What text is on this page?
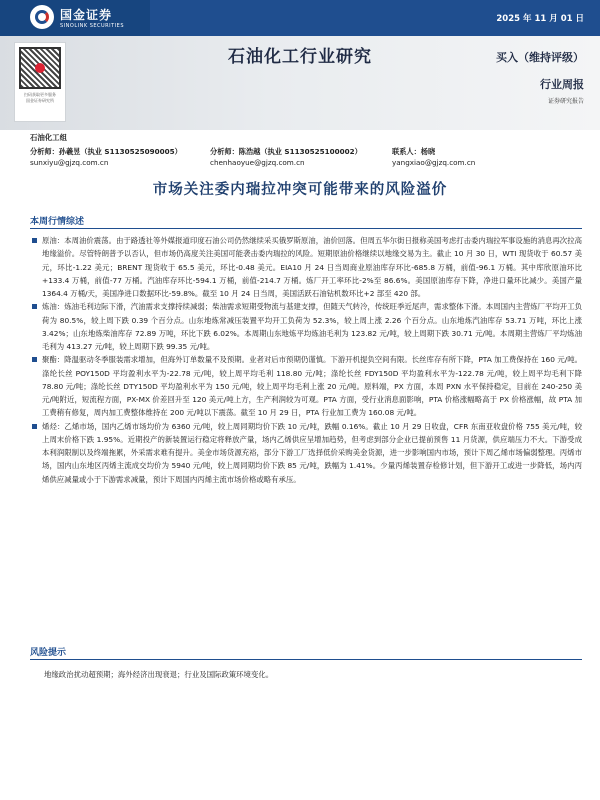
国金证券
SINOLINK SECURITIES
2025 年 11 月 01 日
扫码获取更多服务
国金证券研究所
石油化工行业研究	买入（维持评级）
行业周报
证券研究报告
石油化工组
分析师：孙羲昱（执业 S1130525090005）	分析师：陈浩越（执业 S1130525100002）	联系人：杨晓
sunxiyu@gjzq.com.cn	chenhaoyue@gjzq.com.cn	yangxiao@gjzq.com.cn
市场关注委内瑞拉冲突可能带来的风险溢价
本周行情综述

原油：本周油价震荡。由于路透社等外媒报道印度石油公司仍然继续采买俄罗斯原油，油价回落。但周五华尔街日报称美国考虑打击委内瑞拉军事设施的消息再次拉高地缘溢价。尽管特朗普予以否认，但市场仍高度关注美国可能袭击委内瑞拉的风险。短期原油价格继续以地缘交易为主。截止 10 月 30 日，WTI 现货收于 60.57 美元，环比-1.22 美元；BRENT 现货收于 65.5 美元，环比-0.48 美元。EIA10 月 24 日当周商业原油库存环比-685.8 万桶，前值-96.1 万桶。其中库欣原油环比+133.4 万桶，前值-77 万桶。汽油库存环比-594.1 万桶，前值-214.7 万桶。炼厂开工率环比-2%至 86.6%。美国原油库存下降，净进口量环比减少。美国产量 1364.4 万桶/天，美国净进口数据环比-59.8%。截至 10 月 24 日当周，美国活跃石油钻机数环比+2 部至 420 部。

炼油：炼油毛利边际下滑，汽油需求支撑持续减弱；柴油需求短期受物流与基建支撑，但随天气转冷，传统旺季近尾声，需求整体下滑。本周国内主营炼厂平均开工负荷为 80.5%，较上周下跌 0.39 个百分点。山东地炼常减压装置平均开工负荷为 52.3%，较上周上涨 2.26 个百分点。山东地炼汽油库存 53.71 万吨，环比上涨 3.42%；山东地炼柴油库存 72.89 万吨，环比下跌 6.02%。本周期山东地炼平均炼油毛利为 123.82 元/吨，较上周期下跌 30.71 元/吨。本周期主营炼厂平均炼油毛利为 413.27 元/吨，较上周期下跌 99.35 元/吨。

聚酯：降温驱动冬季服装需求增加，但海外订单数量不及预期。业者对后市预期仍谨慎。下游开机提负空间有限。长丝库存有所下降，PTA 加工费保持在 160 元/吨。涤纶长丝 POY150D 平均盈利水平为-22.78 元/吨，较上周平均毛利 118.80 元/吨；涤纶长丝 FDY150D 平均盈利水平为-122.78 元/吨，较上周平均毛利下降 78.80 元/吨；涤纶长丝 DTY150D 平均盈利水平为 150 元/吨，较上周平均毛利上涨 20 元/吨。原料端，PX 方面，本周 PXN 水平保持稳定，目前在 240-250 美元/吨附近，短流程方面，PX-MX 价差回升至 120 美元/吨上方，生产利润较为可观。PTA 方面，受行业消息面影响，PTA 价格涨幅略高于 PX 价格涨幅，故 PTA 加工费稍有修复，周内加工费整体维持在 200 元/吨以下震荡。截至 10 月 29 日，PTA 行业加工费为 160.08 元/吨。

烯烃：乙烯市场，国内乙烯市场均价为 6360 元/吨，较上周同期均价下跌 10 元/吨，跌幅 0.16%。截止 10 月 29 日收盘，CFR 东南亚收盘价格 755 美元/吨，较上周末价格下跌 1.95%。近期投产的新装置运行稳定将释放产量，场内乙烯供应呈增加趋势，但考虑到部分企业已提前预售 11 月货源，供应端压力不大。下游受成本利润限制以及终端拖累，外采需求难有提升。美金市场货源充裕，部分下游工厂选择低价采购美金货源，进一步影响国内市场，预计下周乙烯市场偏弱整理。丙烯市场，国内山东地区丙烯主流成交均价为 5940 元/吨，较上周同期均价下跌 85 元/吨，跌幅为 1.41%。少量丙烯装置存检修计划，但下游开工或进一步降低，场内丙烯供应减量或小于下游需求减量，预计下周国内丙烯主流市场价格或略有承压。

风险提示
地缘政治扰动超预期；海外经济出现衰退；行业及国际政策环境变化。
